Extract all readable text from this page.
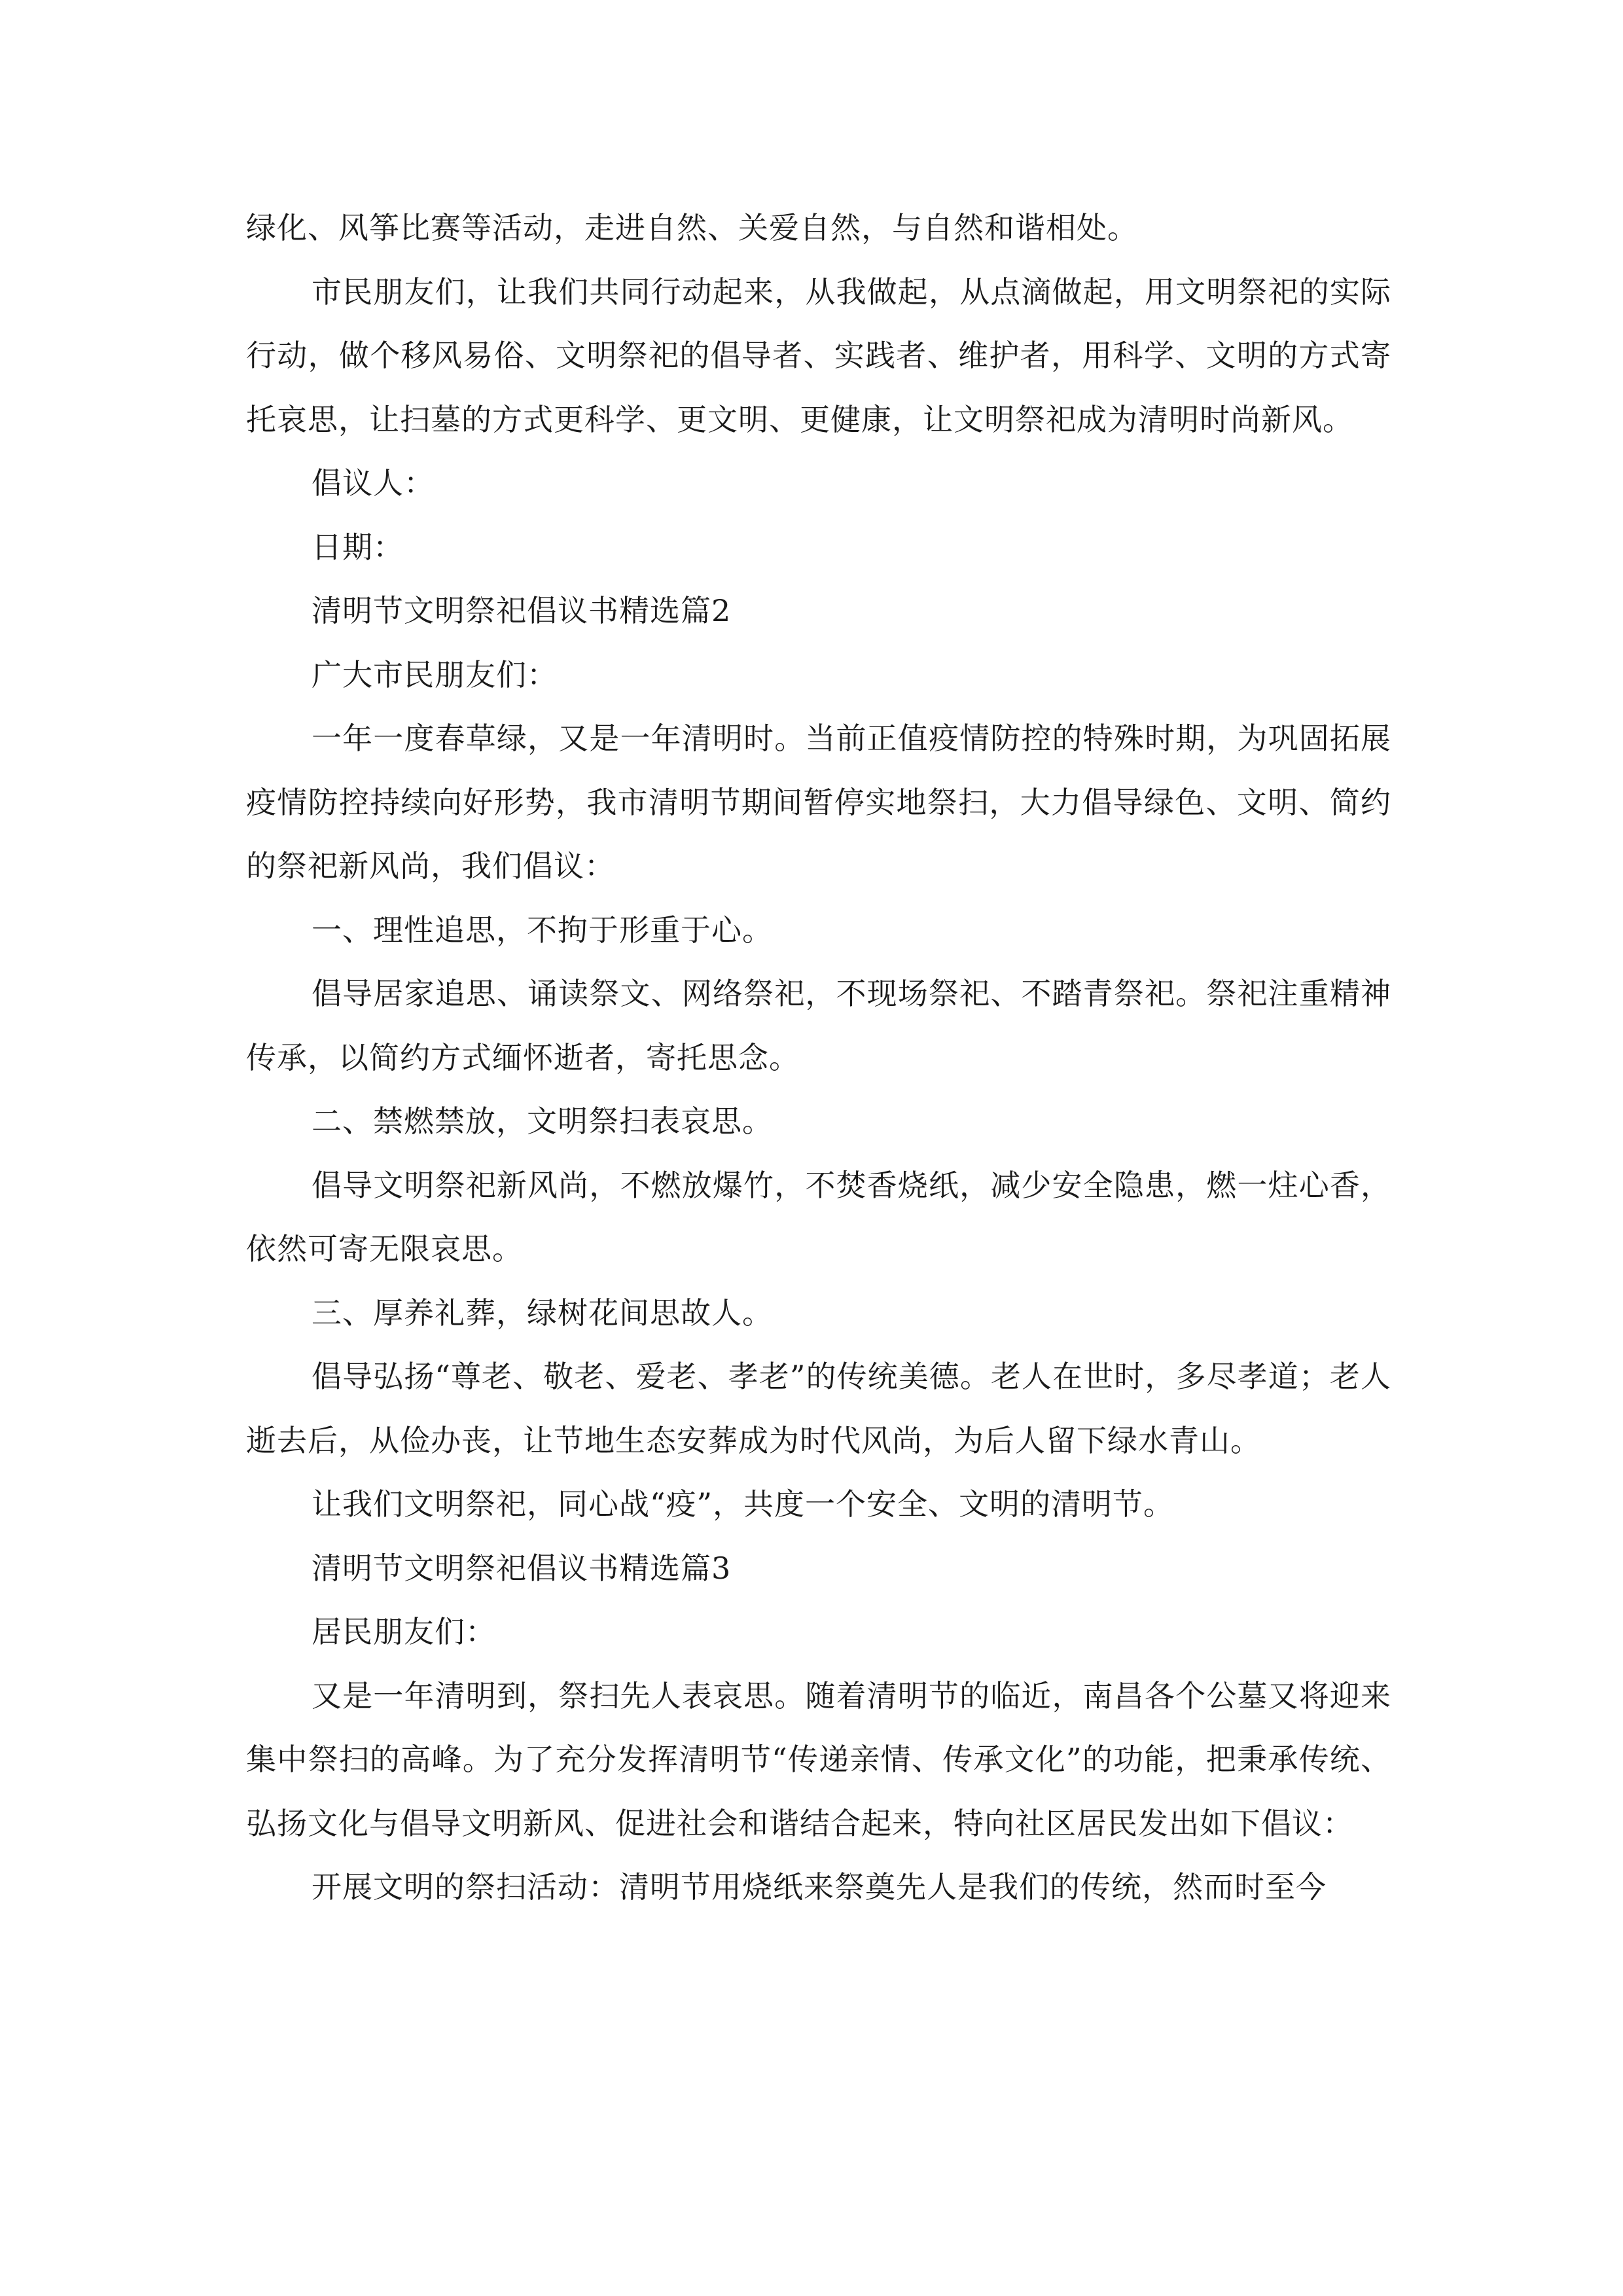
绿化、风筝比赛等活动，走进自然、关爱自然，与自然和谐相处。

市民朋友们，让我们共同行动起来，从我做起，从点滴做起，用文明祭祀的实际行动，做个移风易俗、文明祭祀的倡导者、实践者、维护者，用科学、文明的方式寄托哀思，让扫墓的方式更科学、更文明、更健康，让文明祭祀成为清明时尚新风。

倡议人：

日期：

清明节文明祭祀倡议书精选篇2

广大市民朋友们：

一年一度春草绿，又是一年清明时。当前正值疫情防控的特殊时期，为巩固拓展疫情防控持续向好形势，我市清明节期间暂停实地祭扫，大力倡导绿色、文明、简约的祭祀新风尚，我们倡议：

一、理性追思，不拘于形重于心。

倡导居家追思、诵读祭文、网络祭祀，不现场祭祀、不踏青祭祀。祭祀注重精神传承，以简约方式缅怀逝者，寄托思念。

二、禁燃禁放，文明祭扫表哀思。

倡导文明祭祀新风尚，不燃放爆竹，不焚香烧纸，减少安全隐患，燃一炷心香，依然可寄无限哀思。

三、厚养礼葬，绿树花间思故人。

倡导弘扬“尊老、敬老、爱老、孝老”的传统美德。老人在世时，多尽孝道；老人逝去后，从俭办丧，让节地生态安葬成为时代风尚，为后人留下绿水青山。

让我们文明祭祀，同心战“疫”，共度一个安全、文明的清明节。

清明节文明祭祀倡议书精选篇3

居民朋友们：

又是一年清明到，祭扫先人表哀思。随着清明节的临近，南昌各个公墓又将迎来集中祭扫的高峰。为了充分发挥清明节“传递亲情、传承文化”的功能，把秉承传统、弘扬文化与倡导文明新风、促进社会和谐结合起来，特向社区居民发出如下倡议：

开展文明的祭扫活动：清明节用烧纸来祭奠先人是我们的传统，然而时至今
